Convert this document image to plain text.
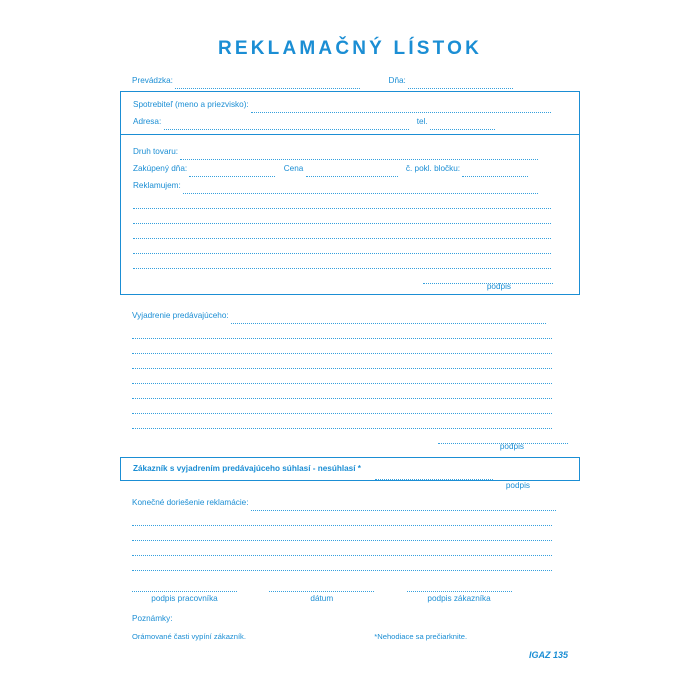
REKLAMAČNÝ LÍSTOK
Prevádzka:	Dňa:
Spotrebiteľ (meno a priezvisko):
Adresa:	tel.
Druh tovaru:
Zakúpený dňa:	Cena	č. pokl. bločku:
Reklamujem:
podpis
Vyjadrenie predávajúceho:
podpis
Zákazník s vyjadrením predávajúceho súhlasí - nesúhlasí *
podpis
Konečné doriešenie reklamácie:

podpis pracovníka	dátum	podpis zákazníka
Poznámky:
Orámované časti vypíní zákazník.	*Nehodiace sa prečiarknite.
IGAZ 135
